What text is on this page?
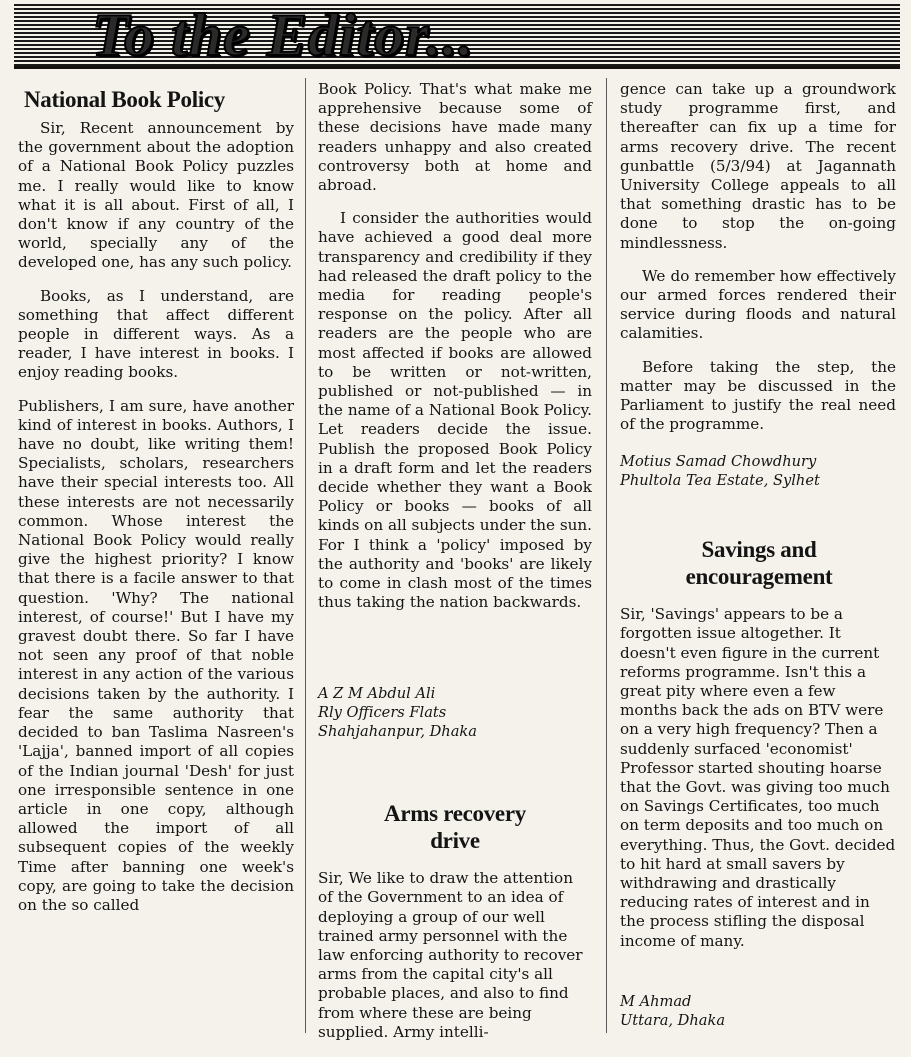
To the Editor...
National Book Policy

Sir, Recent announcement by the government about the adoption of a National Book Policy puzzles me. I really would like to know what it is all about. First of all, I don't know if any country of the world, specially any of the developed one, has any such policy.

Books, as I understand, are something that affect different people in different ways. As a reader, I have interest in books. I enjoy reading books.

Publishers, I am sure, have another kind of interest in books. Authors, I have no doubt, like writing them! Specialists, scholars, researchers have their special interests too. All these interests are not necessarily common. Whose interest the National Book Policy would really give the highest priority? I know that there is a facile answer to that question. 'Why? The national interest, of course!' But I have my gravest doubt there. So far I have not seen any proof of that noble interest in any action of the various decisions taken by the authority. I fear the same authority that decided to ban Taslima Nasreen's 'Lajja', banned import of all copies of the Indian journal 'Desh' for just one irresponsible sentence in one article in one copy, although allowed the import of all subsequent copies of the weekly Time after banning one week's copy, are going to take the decision on the so called

Book Policy. That's what make me apprehensive because some of these decisions have made many readers unhappy and also created controversy both at home and abroad.

I consider the authorities would have achieved a good deal more transparency and credibility if they had released the draft policy to the media for reading people's response on the policy. After all readers are the people who are most affected if books are allowed to be written or not-written, published or not-published — in the name of a National Book Policy. Let readers decide the issue. Publish the proposed Book Policy in a draft form and let the readers decide whether they want a Book Policy or books — books of all kinds on all subjects under the sun. For I think a 'policy' imposed by the authority and 'books' are likely to come in clash most of the times thus taking the nation backwards.

A Z M Abdul Ali
Rly Officers Flats
Shahjahanpur, Dhaka
Arms recovery drive

Sir, We like to draw the attention of the Government to an idea of deploying a group of our well trained army personnel with the law enforcing authority to recover arms from the capital city's all probable places, and also to find from where these are being supplied. Army intelli-

gence can take up a groundwork study programme first, and thereafter can fix up a time for arms recovery drive. The recent gunbattle (5/3/94) at Jagannath University College appeals to all that something drastic has to be done to stop the on-going mindlessness.

We do remember how effectively our armed forces rendered their service during floods and natural calamities.

Before taking the step, the matter may be discussed in the Parliament to justify the real need of the programme.

Motius Samad Chowdhury
Phultola Tea Estate, Sylhet
Savings and encouragement

Sir, 'Savings' appears to be a forgotten issue altogether. It doesn't even figure in the current reforms programme. Isn't this a great pity where even a few months back the ads on BTV were on a very high frequency? Then a suddenly surfaced 'economist' Professor started shouting hoarse that the Govt. was giving too much on Savings Certificates, too much on term deposits and too much on everything. Thus, the Govt. decided to hit hard at small savers by withdrawing and drastically reducing rates of interest and in the process stifling the disposal income of many.

M Ahmad
Uttara, Dhaka
